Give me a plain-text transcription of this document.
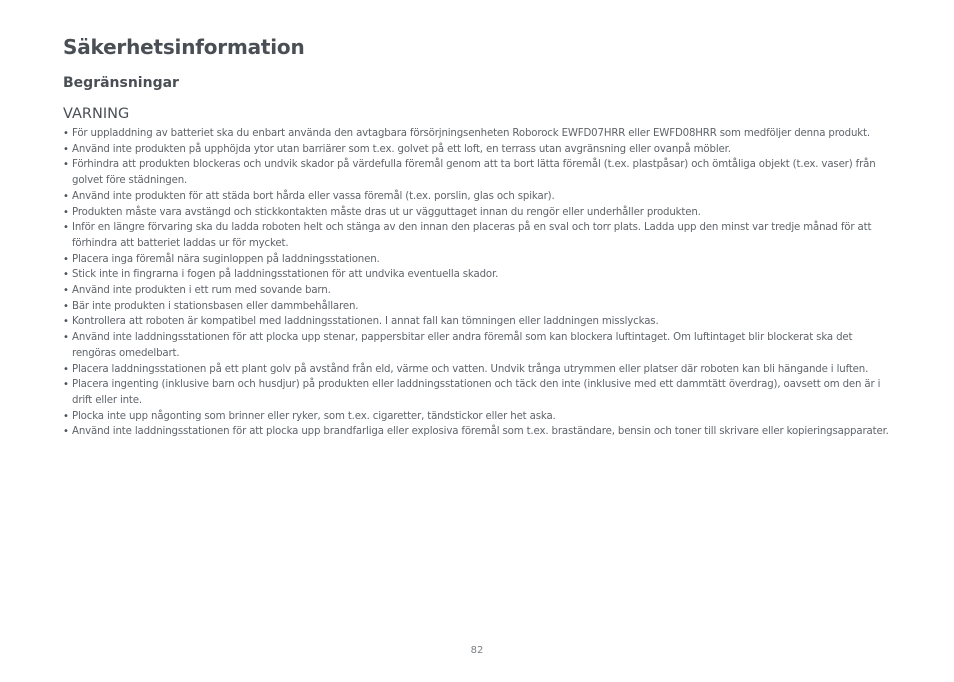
Säkerhetsinformation
Begränsningar
VARNING
• För uppladdning av batteriet ska du enbart använda den avtagbara försörjningsenheten Roborock EWFD07HRR eller EWFD08HRR som medföljer denna produkt.
• Använd inte produkten på upphöjda ytor utan barriärer som t.ex. golvet på ett loft, en terrass utan avgränsning eller ovanpå möbler.
• Förhindra att produkten blockeras och undvik skador på värdefulla föremål genom att ta bort lätta föremål (t.ex. plastpåsar) och ömtåliga objekt (t.ex. vaser) från golvet före städningen.
• Använd inte produkten för att städa bort hårda eller vassa föremål (t.ex. porslin, glas och spikar).
• Produkten måste vara avstängd och stickkontakten måste dras ut ur vägguttaget innan du rengör eller underhåller produkten.
• Inför en längre förvaring ska du ladda roboten helt och stänga av den innan den placeras på en sval och torr plats. Ladda upp den minst var tredje månad för att förhindra att batteriet laddas ur för mycket.
• Placera inga föremål nära suginloppen på laddningsstationen.
• Stick inte in fingrarna i fogen på laddningsstationen för att undvika eventuella skador.
• Använd inte produkten i ett rum med sovande barn.
• Bär inte produkten i stationsbasen eller dammbehållaren.
• Kontrollera att roboten är kompatibel med laddningsstationen. I annat fall kan tömningen eller laddningen misslyckas.
• Använd inte laddningsstationen för att plocka upp stenar, pappersbitar eller andra föremål som kan blockera luftintaget. Om luftintaget blir blockerat ska det rengöras omedelbart.
• Placera laddningsstationen på ett plant golv på avstånd från eld, värme och vatten. Undvik trånga utrymmen eller platser där roboten kan bli hängande i luften.
• Placera ingenting (inklusive barn och husdjur) på produkten eller laddningsstationen och täck den inte (inklusive med ett dammtätt överdrag), oavsett om den är i drift eller inte.
• Plocka inte upp någonting som brinner eller ryker, som t.ex. cigaretter, tändstickor eller het aska.
• Använd inte laddningsstationen för att plocka upp brandfarliga eller explosiva föremål som t.ex. braständare, bensin och toner till skrivare eller kopieringsapparater.
82
